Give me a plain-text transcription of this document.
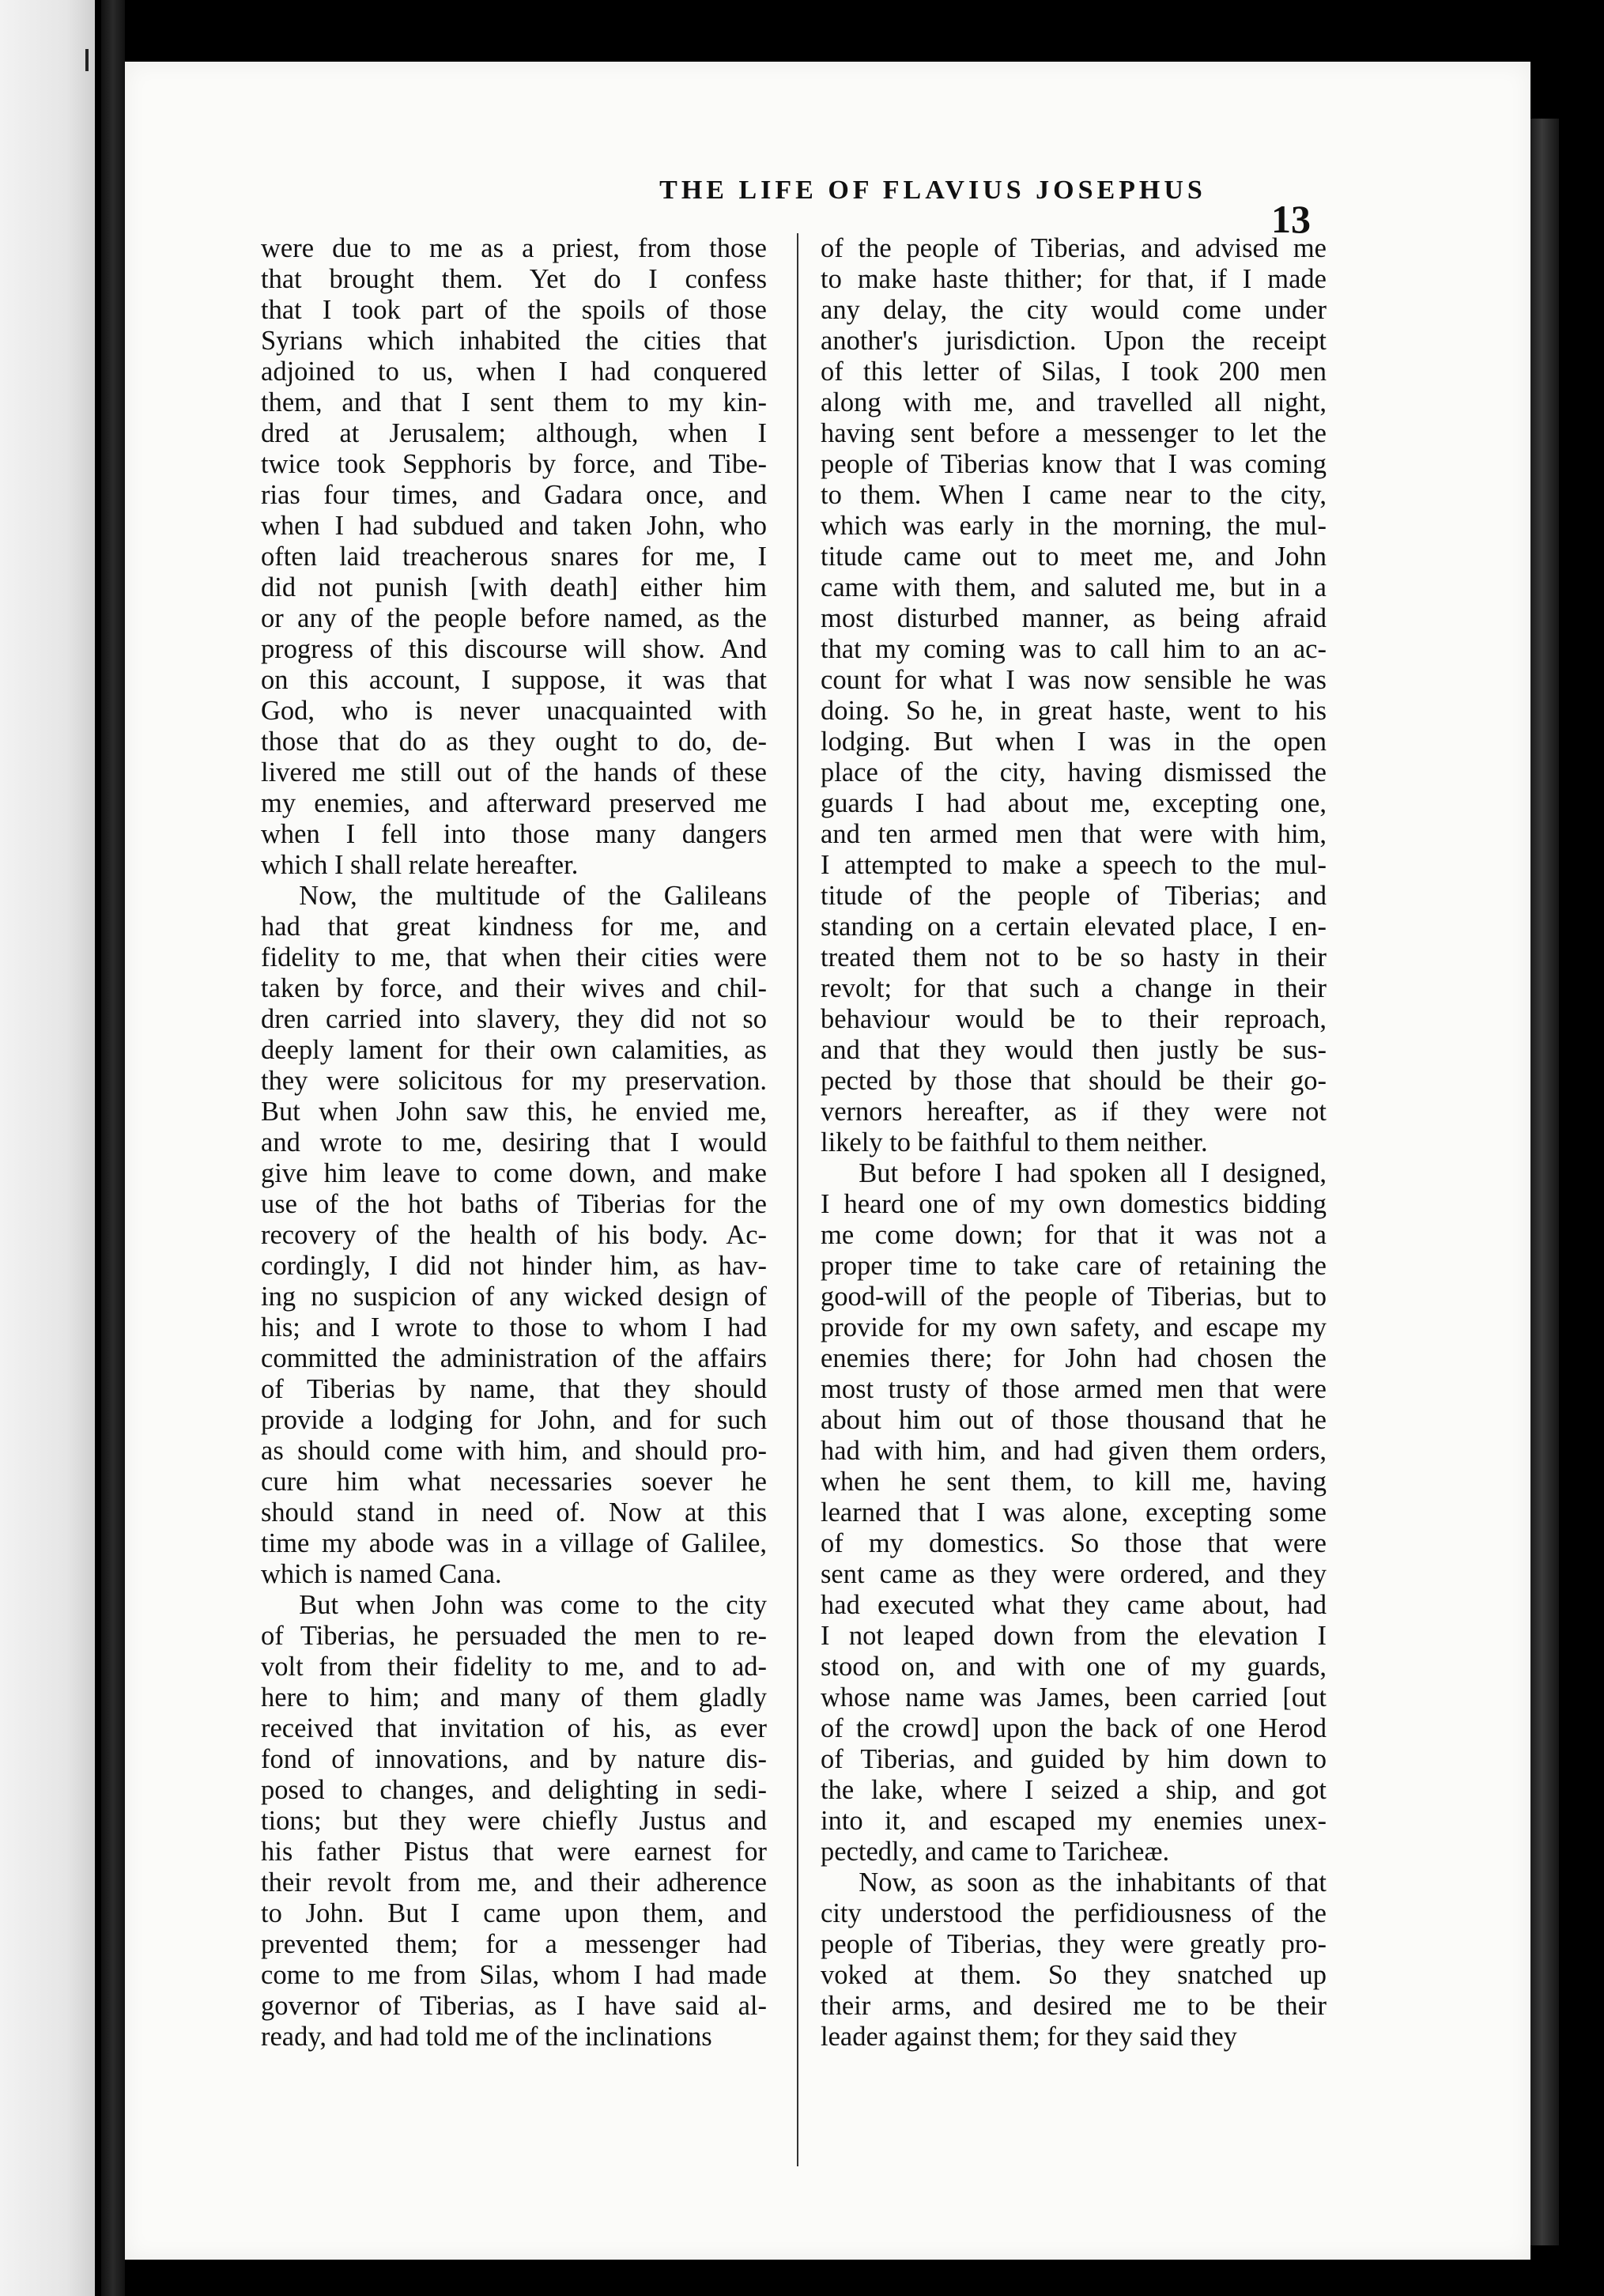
THE LIFE OF FLAVIUS JOSEPHUS
13

were due to me as a priest, from those
that brought them. Yet do I confess
that I took part of the spoils of those
Syrians which inhabited the cities that
adjoined to us, when I had conquered
them, and that I sent them to my kin-
dred at Jerusalem; although, when I
twice took Sepphoris by force, and Tibe-
rias four times, and Gadara once, and
when I had subdued and taken John, who
often laid treacherous snares for me, I
did not punish [with death] either him
or any of the people before named, as the
progress of this discourse will show. And
on this account, I suppose, it was that
God, who is never unacquainted with
those that do as they ought to do, de-
livered me still out of the hands of these
my enemies, and afterward preserved me
when I fell into those many dangers
which I shall relate hereafter.

Now, the multitude of the Galileans
had that great kindness for me, and
fidelity to me, that when their cities were
taken by force, and their wives and chil-
dren carried into slavery, they did not so
deeply lament for their own calamities, as
they were solicitous for my preservation.
But when John saw this, he envied me,
and wrote to me, desiring that I would
give him leave to come down, and make
use of the hot baths of Tiberias for the
recovery of the health of his body. Ac-
cordingly, I did not hinder him, as hav-
ing no suspicion of any wicked design of
his; and I wrote to those to whom I had
committed the administration of the affairs
of Tiberias by name, that they should
provide a lodging for John, and for such
as should come with him, and should pro-
cure him what necessaries soever he
should stand in need of. Now at this
time my abode was in a village of Galilee,
which is named Cana.

But when John was come to the city
of Tiberias, he persuaded the men to re-
volt from their fidelity to me, and to ad-
here to him; and many of them gladly
received that invitation of his, as ever
fond of innovations, and by nature dis-
posed to changes, and delighting in sedi-
tions; but they were chiefly Justus and
his father Pistus that were earnest for
their revolt from me, and their adherence
to John. But I came upon them, and
prevented them; for a messenger had
come to me from Silas, whom I had made
governor of Tiberias, as I have said al-
ready, and had told me of the inclinations

of the people of Tiberias, and advised me
to make haste thither; for that, if I made
any delay, the city would come under
another's jurisdiction. Upon the receipt
of this letter of Silas, I took 200 men
along with me, and travelled all night,
having sent before a messenger to let the
people of Tiberias know that I was coming
to them. When I came near to the city,
which was early in the morning, the mul-
titude came out to meet me, and John
came with them, and saluted me, but in a
most disturbed manner, as being afraid
that my coming was to call him to an ac-
count for what I was now sensible he was
doing. So he, in great haste, went to his
lodging. But when I was in the open
place of the city, having dismissed the
guards I had about me, excepting one,
and ten armed men that were with him,
I attempted to make a speech to the mul-
titude of the people of Tiberias; and
standing on a certain elevated place, I en-
treated them not to be so hasty in their
revolt; for that such a change in their
behaviour would be to their reproach,
and that they would then justly be sus-
pected by those that should be their go-
vernors hereafter, as if they were not
likely to be faithful to them neither.

But before I had spoken all I designed,
I heard one of my own domestics bidding
me come down; for that it was not a
proper time to take care of retaining the
good-will of the people of Tiberias, but to
provide for my own safety, and escape my
enemies there; for John had chosen the
most trusty of those armed men that were
about him out of those thousand that he
had with him, and had given them orders,
when he sent them, to kill me, having
learned that I was alone, excepting some
of my domestics. So those that were
sent came as they were ordered, and they
had executed what they came about, had
I not leaped down from the elevation I
stood on, and with one of my guards,
whose name was James, been carried [out
of the crowd] upon the back of one Herod
of Tiberias, and guided by him down to
the lake, where I seized a ship, and got
into it, and escaped my enemies unex-
pectedly, and came to Taricheæ.

Now, as soon as the inhabitants of that
city understood the perfidiousness of the
people of Tiberias, they were greatly pro-
voked at them. So they snatched up
their arms, and desired me to be their
leader against them; for they said they
